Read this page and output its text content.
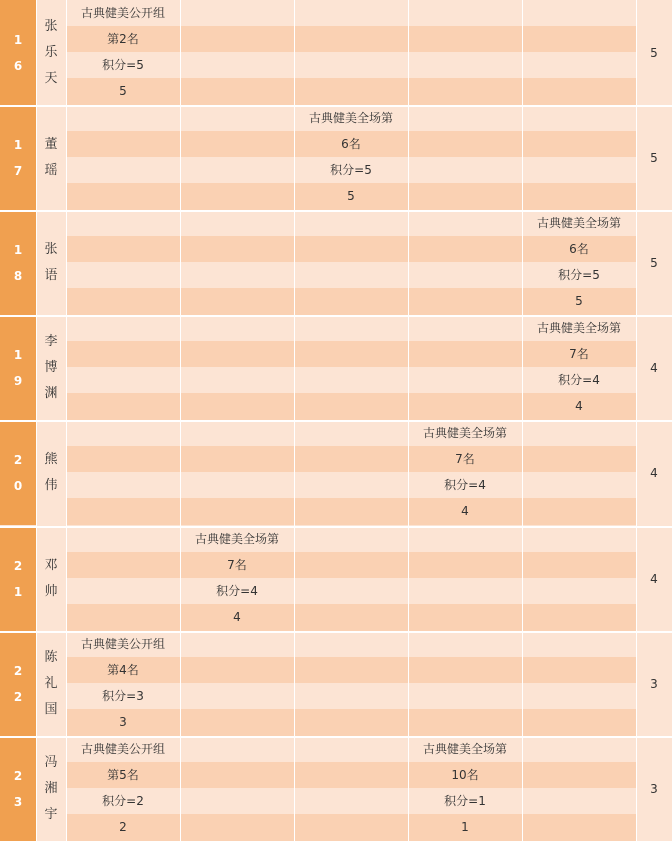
1
6
张
乐
天
5
古典健美公开组
第2名
积分=5
5
1
7
董
瑶
5
古典健美全场第
6名
积分=5
5
1
8
张
语
5
古典健美全场第
6名
积分=5
5
1
9
李
博
渊
4
古典健美全场第
7名
积分=4
4
2
0
熊
伟
4
古典健美全场第
7名
积分=4
4
2
1
邓
帅
4
古典健美全场第
7名
积分=4
4
2
2
陈
礼
国
3
古典健美公开组
第4名
积分=3
3
2
3
冯
湘
宇
3
古典健美公开组
第5名
积分=2
2
古典健美全场第
10名
积分=1
1
